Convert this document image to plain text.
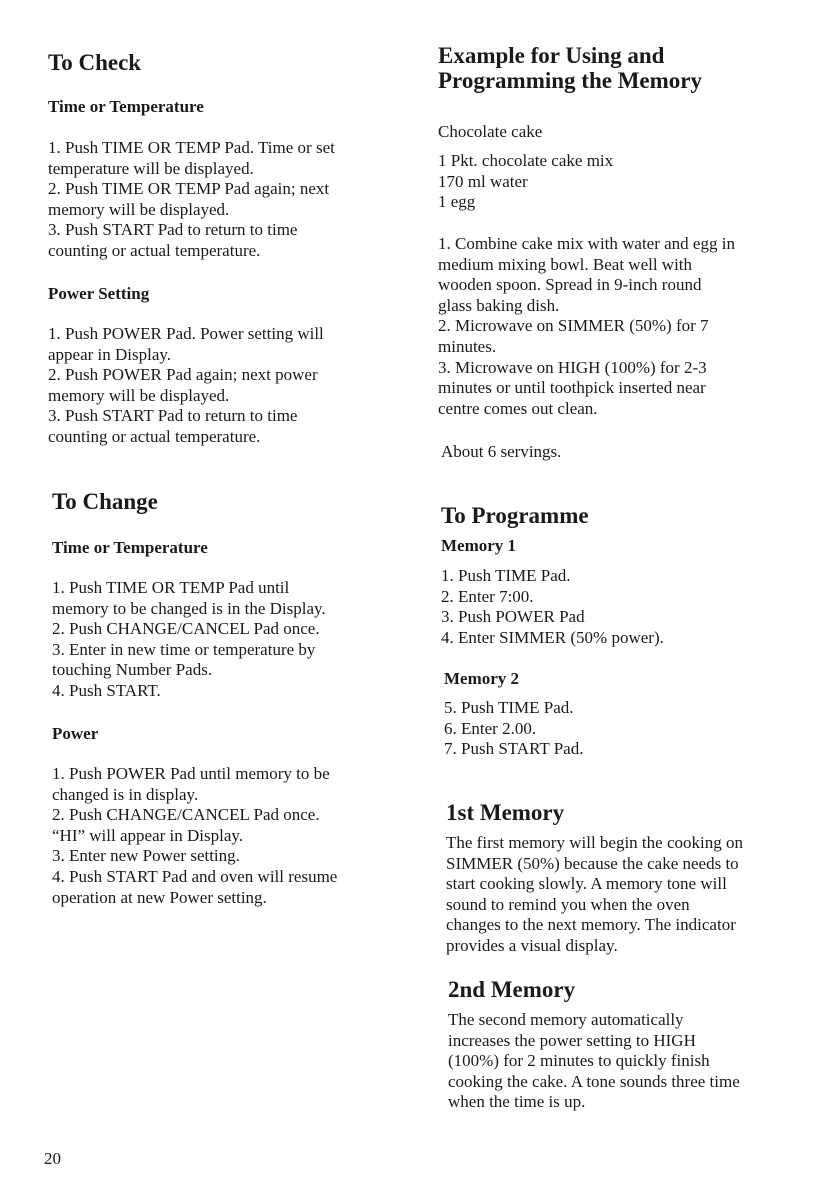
To Check
Time or Temperature
1. Push TIME OR TEMP Pad. Time or set
temperature will be displayed.
2. Push TIME OR TEMP Pad again; next
memory will be displayed.
3. Push START Pad to return to time
counting or actual temperature.
Power Setting
1. Push POWER Pad. Power setting will
appear in Display.
2. Push POWER Pad again; next power
memory will be displayed.
3. Push START Pad to return to time
counting or actual temperature.
To Change
Time or Temperature
1. Push TIME OR TEMP Pad until
memory to be changed is in the Display.
2. Push CHANGE/CANCEL Pad once.
3. Enter in new time or temperature by
touching Number Pads.
4. Push START.
Power
1. Push POWER Pad until memory to be
changed is in display.
2. Push CHANGE/CANCEL Pad once.
“HI” will appear in Display.
3. Enter new Power setting.
4. Push START Pad and oven will resume
operation at new Power setting.
Example for Using and
Programming the Memory
Chocolate cake
1 Pkt. chocolate cake mix
170 ml water
1 egg
1. Combine cake mix with water and egg in
medium mixing bowl. Beat well with
wooden spoon. Spread in 9-inch round
glass baking dish.
2. Microwave on SIMMER (50%) for 7
minutes.
3. Microwave on HIGH (100%) for 2-3
minutes or until toothpick inserted near
centre comes out clean.
About 6 servings.
To Programme
Memory 1
1. Push TIME Pad.
2. Enter 7:00.
3. Push POWER Pad
4. Enter SIMMER (50% power).
Memory 2
5. Push TIME Pad.
6. Enter 2.00.
7. Push START Pad.
1st Memory
The first memory will begin the cooking on
SIMMER (50%) because the cake needs to
start cooking slowly. A memory tone will
sound to remind you when the oven
changes to the next memory. The indicator
provides a visual display.
2nd Memory
The second memory automatically
increases the power setting to HIGH
(100%) for 2 minutes to quickly finish
cooking the cake. A tone sounds three time
when the time is up.
20
